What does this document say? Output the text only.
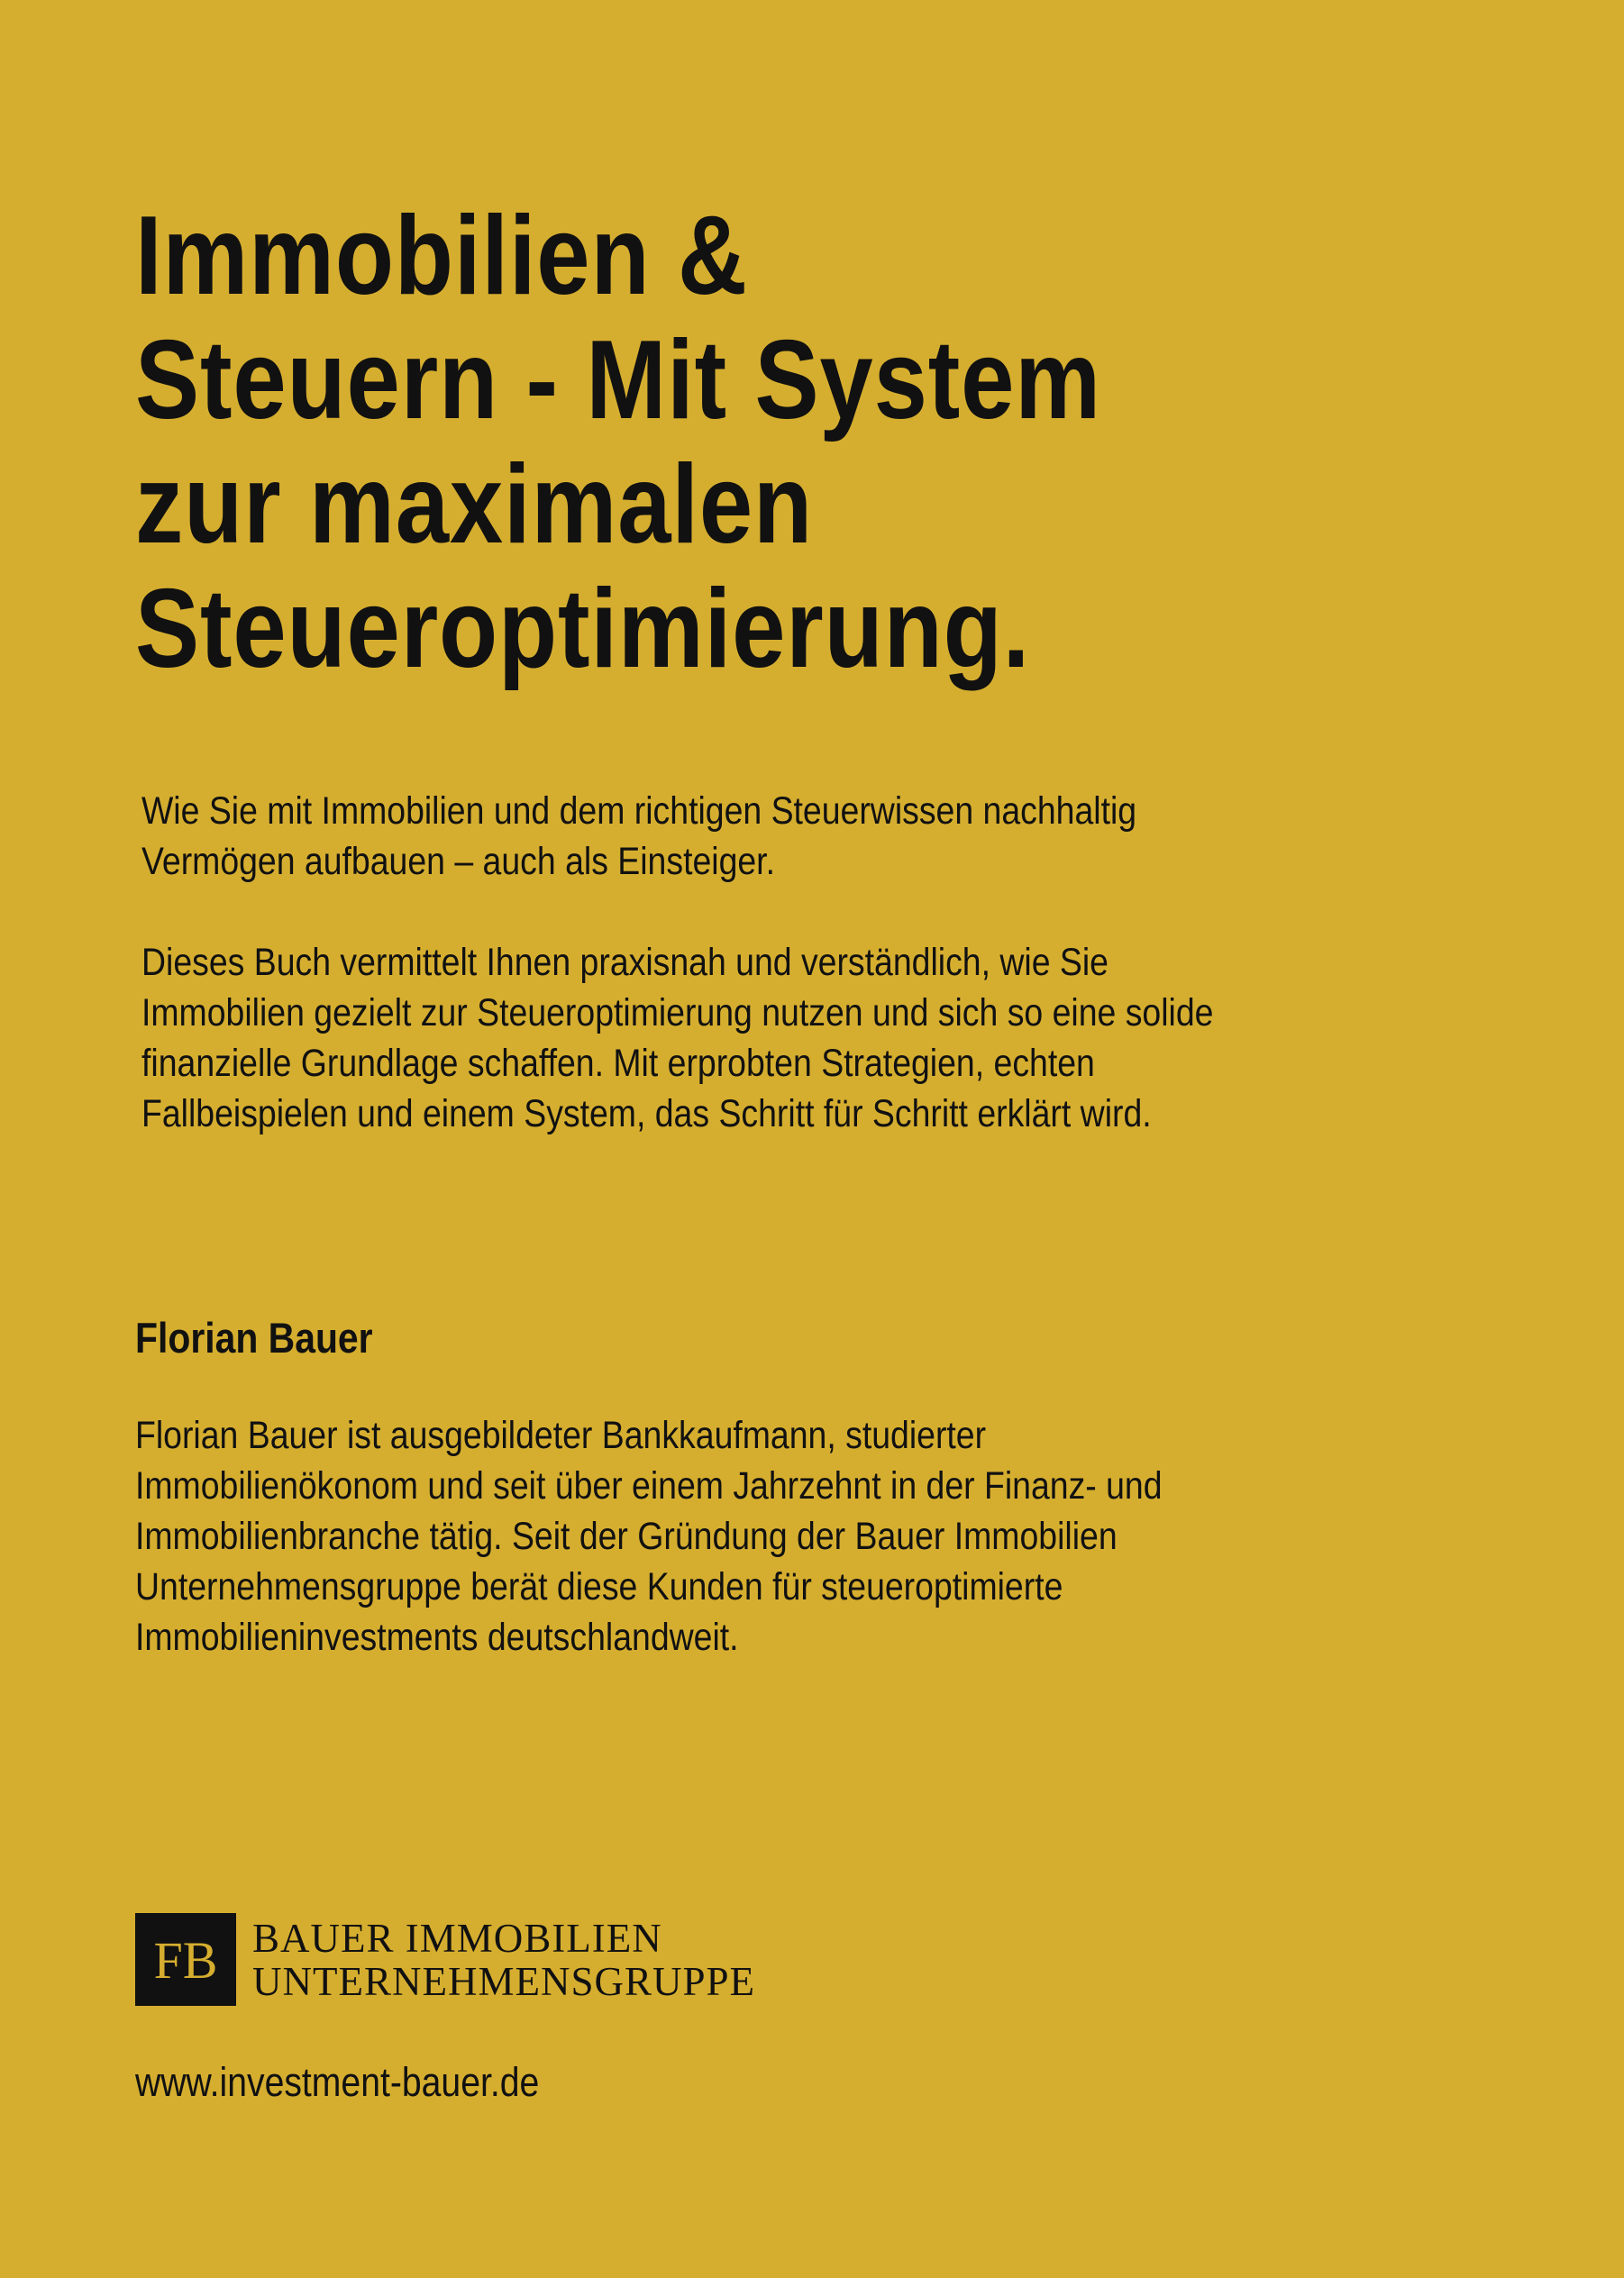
Immobilien &
Steuern - Mit System
zur maximalen
Steueroptimierung.

Wie Sie mit Immobilien und dem richtigen Steuerwissen nachhaltig
Vermögen aufbauen – auch als Einsteiger.

Dieses Buch vermittelt Ihnen praxisnah und verständlich, wie Sie
Immobilien gezielt zur Steueroptimierung nutzen und sich so eine solide
finanzielle Grundlage schaffen. Mit erprobten Strategien, echten
Fallbeispielen und einem System, das Schritt für Schritt erklärt wird.

Florian Bauer

Florian Bauer ist ausgebildeter Bankkaufmann, studierter
Immobilienökonom und seit über einem Jahrzehnt in der Finanz- und
Immobilienbranche tätig. Seit der Gründung der Bauer Immobilien
Unternehmensgruppe berät diese Kunden für steueroptimierte
Immobilieninvestments deutschlandweit.

FB BAUER IMMOBILIEN
UNTERNEHMENSGRUPPE

www.investment-bauer.de
